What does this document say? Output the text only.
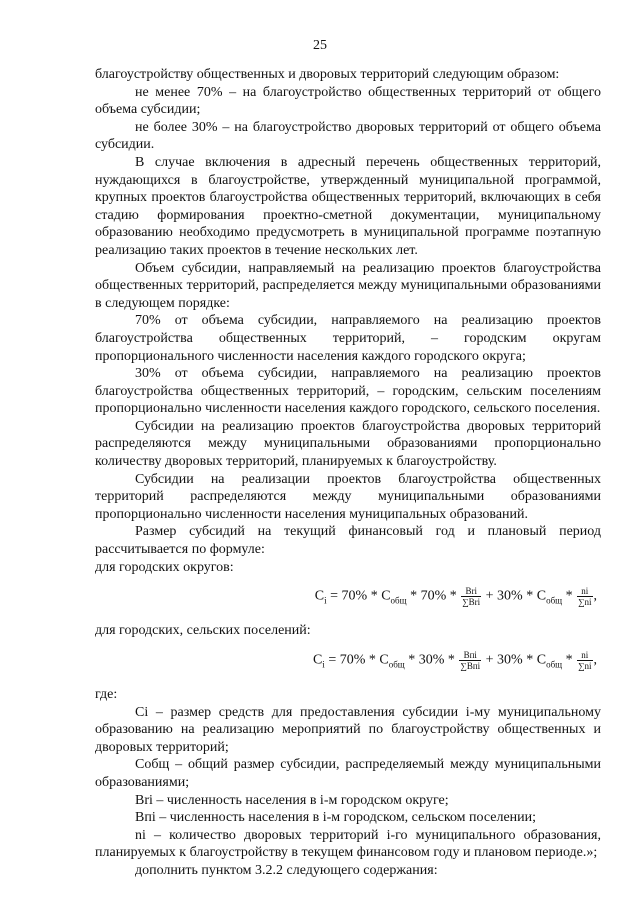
25

благоустройству общественных и дворовых территорий следующим образом:

не менее 70% – на благоустройство общественных территорий от общего объема субсидии;

не более 30% – на благоустройство дворовых территорий от общего объема субсидии.

В случае включения в адресный перечень общественных территорий, нуждающихся в благоустройстве, утвержденный муниципальной программой, крупных проектов благоустройства общественных территорий, включающих в себя стадию формирования проектно-сметной документации, муниципальному образованию необходимо предусмотреть в муниципальной программе поэтапную реализацию таких проектов в течение нескольких лет.

Объем субсидии, направляемый на реализацию проектов благоустройства общественных территорий, распределяется между муниципальными образованиями в следующем порядке:

70% от объема субсидии, направляемого на реализацию проектов благоустройства общественных территорий, – городским округам пропорционального численности населения каждого городского округа;

30% от объема субсидии, направляемого на реализацию проектов благоустройства общественных территорий, – городским, сельским поселениям пропорционально численности населения каждого городского, сельского поселения.

Субсидии на реализацию проектов благоустройства дворовых территорий распределяются между муниципальными образованиями пропорционально количеству дворовых территорий, планируемых к благоустройству.

Субсидии на реализации проектов благоустройства общественных территорий распределяются между муниципальными образованиями пропорционально численности населения муниципальных образований.

Размер субсидий на текущий финансовый год и плановый период рассчитывается по формуле:

для городских округов:

$C_i = 70\% * C_{общ} * 70\% * \frac{\text{Bri}}{\text{∑Bri}} + 30\% * C_{общ} * \frac{ni}{\sum ni}$ ,

для городских, сельских поселений:

$C_i = 70\% * C_{общ} * 30\% * \frac{\text{Bпi}}{\text{∑Bпi}} + 30\% * C_{общ} * \frac{ni}{\sum ni}$ ,

где:

Ci – размер средств для предоставления субсидии i-му муниципальному образованию на реализацию мероприятий по благоустройству общественных и дворовых территорий;

Cобщ – общий размер субсидии, распределяемый между муниципальными образованиями;

Bri – численность населения в i-м городском округе;

Bпi – численность населения в i-м городском, сельском поселении;

ni – количество дворовых территорий i-го муниципального образования, планируемых к благоустройству в текущем финансовом году и плановом периоде.»;

дополнить пунктом 3.2.2 следующего содержания:
